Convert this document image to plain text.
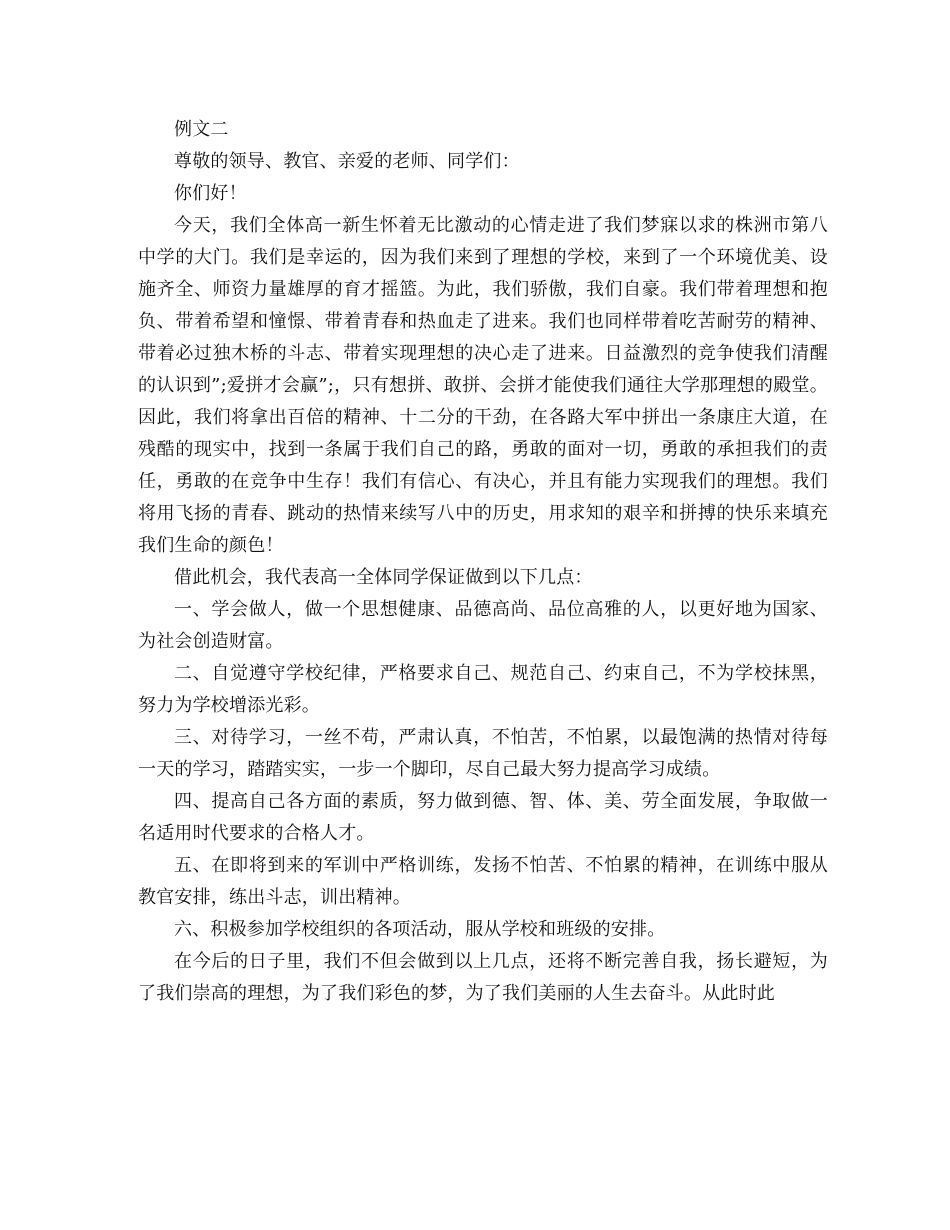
例文二

尊敬的领导、教官、亲爱的老师、同学们：

你们好！

今天，我们全体高一新生怀着无比激动的心情走进了我们梦寐以求的株洲市第八中学的大门。我们是幸运的，因为我们来到了理想的学校，来到了一个环境优美、设施齐全、师资力量雄厚的育才摇篮。为此，我们骄傲，我们自豪。我们带着理想和抱负、带着希望和憧憬、带着青春和热血走了进来。我们也同样带着吃苦耐劳的精神、带着必过独木桥的斗志、带着实现理想的决心走了进来。日益激烈的竞争使我们清醒的认识到”;爱拼才会赢”;，只有想拼、敢拼、会拼才能使我们通往大学那理想的殿堂。因此，我们将拿出百倍的精神、十二分的干劲，在各路大军中拼出一条康庄大道，在残酷的现实中，找到一条属于我们自己的路，勇敢的面对一切，勇敢的承担我们的责任，勇敢的在竞争中生存！我们有信心、有决心，并且有能力实现我们的理想。我们将用飞扬的青春、跳动的热情来续写八中的历史，用求知的艰辛和拼搏的快乐来填充我们生命的颜色！

借此机会，我代表高一全体同学保证做到以下几点：

一、学会做人，做一个思想健康、品德高尚、品位高雅的人，以更好地为国家、为社会创造财富。

二、自觉遵守学校纪律，严格要求自己、规范自己、约束自己，不为学校抹黑，努力为学校增添光彩。

三、对待学习，一丝不苟，严肃认真，不怕苦，不怕累，以最饱满的热情对待每一天的学习，踏踏实实，一步一个脚印，尽自己最大努力提高学习成绩。

四、提高自己各方面的素质，努力做到德、智、体、美、劳全面发展，争取做一名适用时代要求的合格人才。

五、在即将到来的军训中严格训练，发扬不怕苦、不怕累的精神，在训练中服从教官安排，练出斗志，训出精神。

六、积极参加学校组织的各项活动，服从学校和班级的安排。

在今后的日子里，我们不但会做到以上几点，还将不断完善自我，扬长避短，为了我们崇高的理想，为了我们彩色的梦，为了我们美丽的人生去奋斗。从此时此
